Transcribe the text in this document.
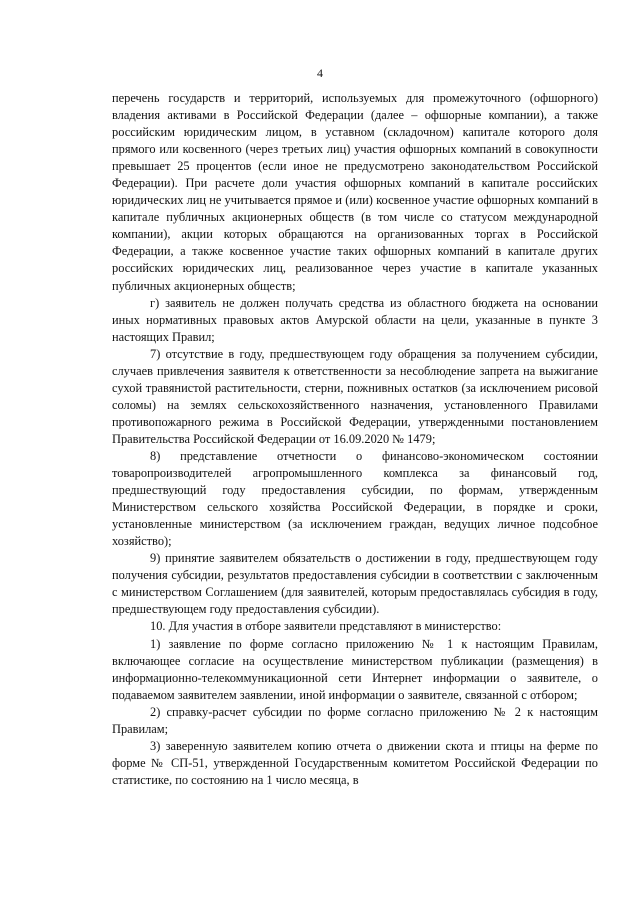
4

перечень государств и территорий, используемых для промежуточного (офшорного) владения активами в Российской Федерации (далее – офшорные компании), а также российским юридическим лицом, в уставном (складочном) капитале которого доля прямого или косвенного (через третьих лиц) участия офшорных компаний в совокупности превышает 25 процентов (если иное не предусмотрено законодательством Российской Федерации). При расчете доли участия офшорных компаний в капитале российских юридических лиц не учитывается прямое и (или) косвенное участие офшорных компаний в капитале публичных акционерных обществ (в том числе со статусом международной компании), акции которых обращаются на организованных торгах в Российской Федерации, а также косвенное участие таких офшорных компаний в капитале других российских юридических лиц, реализованное через участие в капитале указанных публичных акционерных обществ;

г) заявитель не должен получать средства из областного бюджета на основании иных нормативных правовых актов Амурской области на цели, указанные в пункте 3 настоящих Правил;

7) отсутствие в году, предшествующем году обращения за получением субсидии, случаев привлечения заявителя к ответственности за несоблюдение запрета на выжигание сухой травянистой растительности, стерни, пожнивных остатков (за исключением рисовой соломы) на землях сельскохозяйственного назначения, установленного Правилами противопожарного режима в Российской Федерации, утвержденными постановлением Правительства Российской Федерации от 16.09.2020 № 1479;

8) представление отчетности о финансово-экономическом состоянии товаропроизводителей агропромышленного комплекса за финансовый год, предшествующий году предоставления субсидии, по формам, утвержденным Министерством сельского хозяйства Российской Федерации, в порядке и сроки, установленные министерством (за исключением граждан, ведущих личное подсобное хозяйство);

9) принятие заявителем обязательств о достижении в году, предшествующем году получения субсидии, результатов предоставления субсидии в соответствии с заключенным с министерством Соглашением (для заявителей, которым предоставлялась субсидия в году, предшествующем году предоставления субсидии).

10. Для участия в отборе заявители представляют в министерство:

1) заявление по форме согласно приложению № 1 к настоящим Правилам, включающее согласие на осуществление министерством публикации (размещения) в информационно-телекоммуникационной сети Интернет информации о заявителе, о подаваемом заявителем заявлении, иной информации о заявителе, связанной с отбором;

2) справку-расчет субсидии по форме согласно приложению № 2 к настоящим Правилам;

3) заверенную заявителем копию отчета о движении скота и птицы на ферме по форме № СП-51, утвержденной Государственным комитетом Российской Федерации по статистике, по состоянию на 1 число месяца, в
